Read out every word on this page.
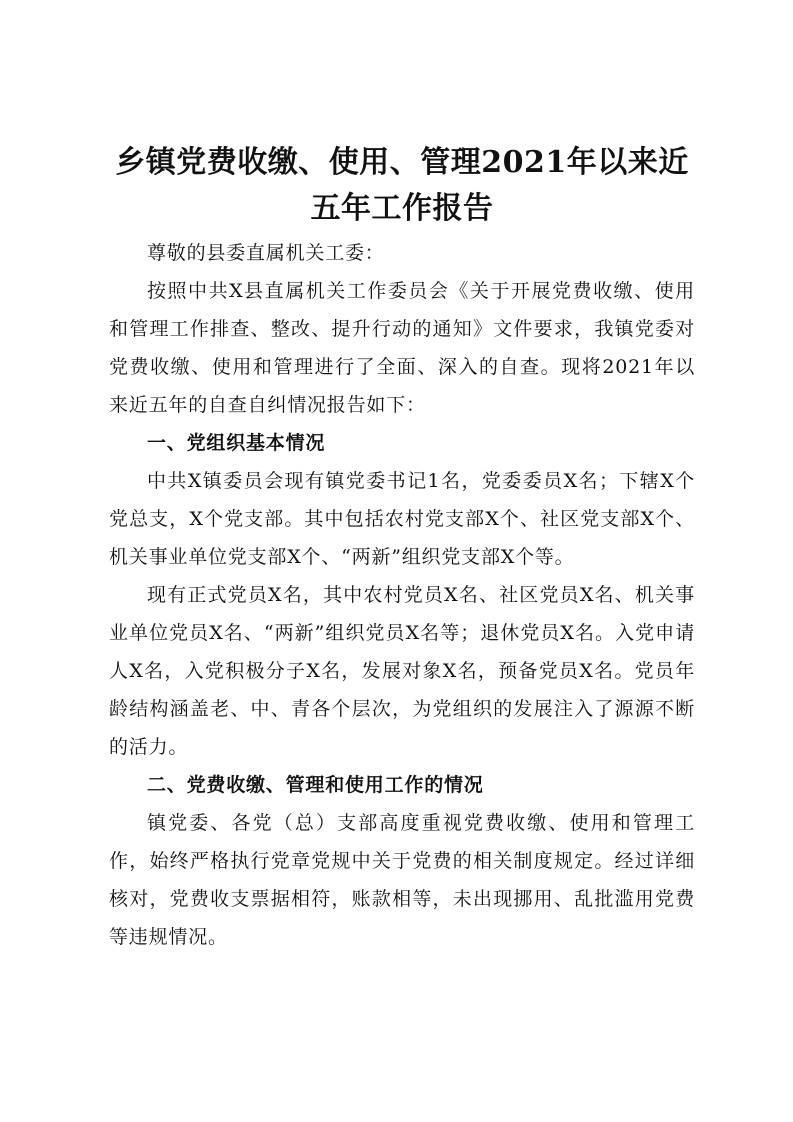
乡镇党费收缴、使用、管理2021年以来近五年工作报告

尊敬的县委直属机关工委：

按照中共X县直属机关工作委员会《关于开展党费收缴、使用和管理工作排查、整改、提升行动的通知》文件要求，我镇党委对党费收缴、使用和管理进行了全面、深入的自查。现将2021年以来近五年的自查自纠情况报告如下：

一、党组织基本情况

中共X镇委员会现有镇党委书记1名，党委委员X名；下辖X个党总支，X个党支部。其中包括农村党支部X个、社区党支部X个、机关事业单位党支部X个、“两新”组织党支部X个等。

现有正式党员X名，其中农村党员X名、社区党员X名、机关事业单位党员X名、“两新”组织党员X名等；退休党员X名。入党申请人X名，入党积极分子X名，发展对象X名，预备党员X名。党员年龄结构涵盖老、中、青各个层次，为党组织的发展注入了源源不断的活力。

二、党费收缴、管理和使用工作的情况

镇党委、各党（总）支部高度重视党费收缴、使用和管理工作，始终严格执行党章党规中关于党费的相关制度规定。经过详细核对，党费收支票据相符，账款相等，未出现挪用、乱批滥用党费等违规情况。
